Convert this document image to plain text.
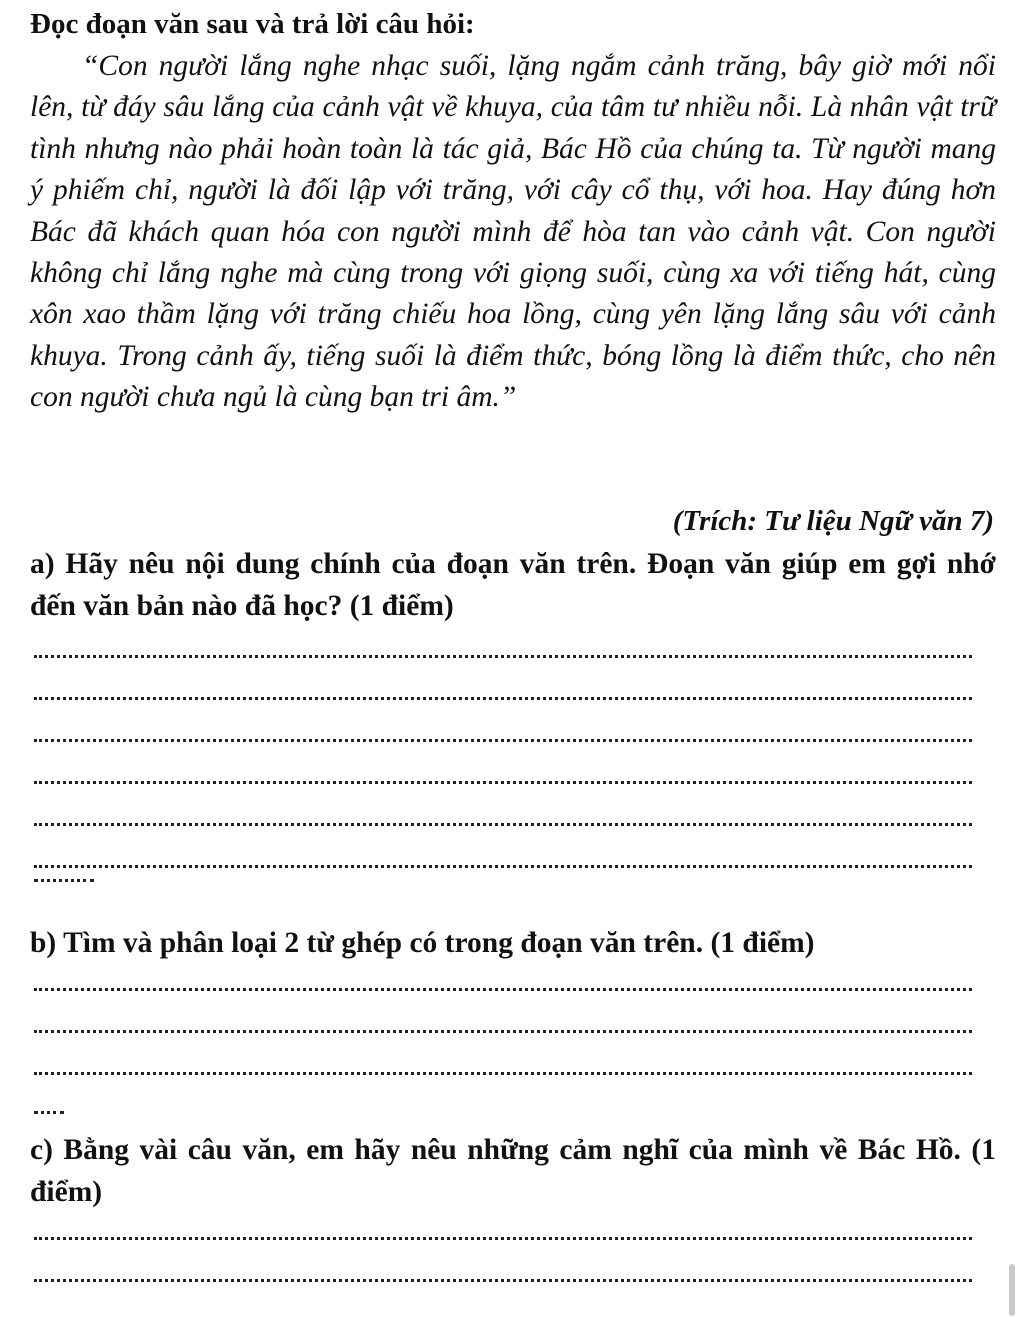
Đọc đoạn văn sau và trả lời câu hỏi:

“Con người lắng nghe nhạc suối, lặng ngắm cảnh trăng, bây giờ mới nổi lên, từ đáy sâu lắng của cảnh vật về khuya, của tâm tư nhiều nỗi. Là nhân vật trữ tình nhưng nào phải hoàn toàn là tác giả, Bác Hồ của chúng ta. Từ người mang ý phiếm chỉ, người là đối lập với trăng, với cây cổ thụ, với hoa. Hay đúng hơn Bác đã khách quan hóa con người mình để hòa tan vào cảnh vật. Con người không chỉ lắng nghe mà cùng trong với giọng suối, cùng xa với tiếng hát, cùng xôn xao thầm lặng với trăng chiếu hoa lồng, cùng yên lặng lắng sâu với cảnh khuya. Trong cảnh ấy, tiếng suối là điểm thức, bóng lồng là điểm thức, cho nên con người chưa ngủ là cùng bạn tri âm.”

(Trích: Tư liệu Ngữ văn 7)

a) Hãy nêu nội dung chính của đoạn văn trên. Đoạn văn giúp em gợi nhớ đến văn bản nào đã học? (1 điểm)

b) Tìm và phân loại 2 từ ghép có trong đoạn văn trên. (1 điểm)

c) Bằng vài câu văn, em hãy nêu những cảm nghĩ của mình về Bác Hồ. (1 điểm)
